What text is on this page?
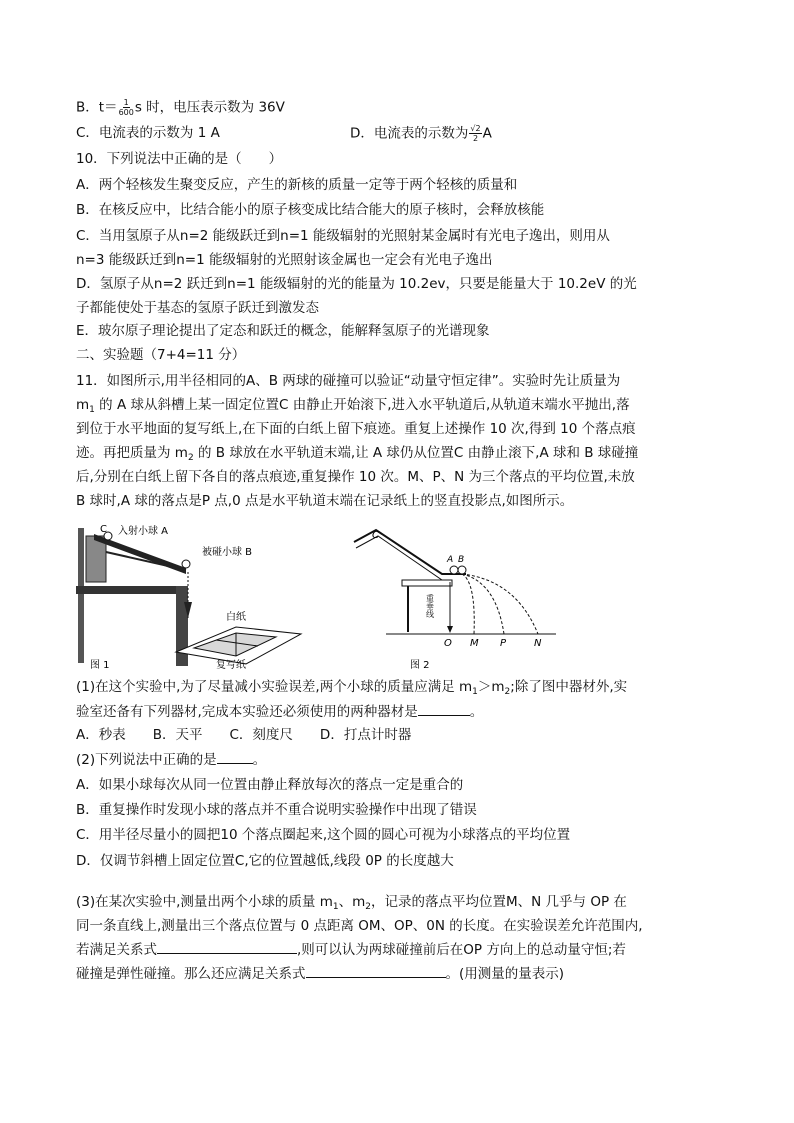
B．$t= \frac{1}{600}$ s 时，电压表示数为 36V
C．电流表的示数为 1 A	D．电流表的示数为 $\frac{√2}{2}$ A
10．下列说法中正确的是（　　）
A．两个轻核发生聚变反应，产生的新核的质量一定等于两个轻核的质量和
B．在核反应中，比结合能小的原子核变成比结合能大的原子核时，会释放核能
C．当用氢原子从n=2 能级跃迁到n=1 能级辐射的光照射某金属时有光电子逸出，则用从
n=3 能级跃迁到n=1 能级辐射的光照射该金属也一定会有光电子逸出
D．氢原子从n=2 跃迁到n=1 能级辐射的光的能量为 10.2ev，只要是能量大于 10.2eV 的光
子都能使处于基态的氢原子跃迁到激发态
E．玻尔原子理论提出了定态和跃迁的概念，能解释氢原子的光谱现象
二、实验题（7+4=11 分）
11．如图所示,用半径相同的A、B 两球的碰撞可以验证“动量守恒定律”。实验时先让质量为
$m_1$ 的 A 球从斜槽上某一固定位置C 由静止开始滚下,进入水平轨道后,从轨道末端水平抛出,落
到位于水平地面的复写纸上,在下面的白纸上留下痕迹。重复上述操作 10 次,得到 10 个落点痕
迹。再把质量为 $m_2$ 的 B 球放在水平轨道末端,让 A 球仍从位置C 由静止滚下,A 球和 B 球碰撞
后,分别在白纸上留下各自的落点痕迹,重复操作 10 次。M、P、N 为三个落点的平均位置,未放
B 球时,A 球的落点是P 点,0 点是水平轨道末端在记录纸上的竖直投影点,如图所示。
C 入射小球 A
被碰小球 B
白纸
复写纸
图 1
C
A B
重垂线
O M P	N
图 2
(1)在这个实验中,为了尽量减小实验误差,两个小球的质量应满足 $m_1>m_2$;除了图中器材外,实
验室还备有下列器材,完成本实验还必须使用的两种器材是	。
A．秒表　　B．天平　　C．刻度尺　　D．打点计时器
(2)下列说法中正确的是	。
A．如果小球每次从同一位置由静止释放每次的落点一定是重合的
B．重复操作时发现小球的落点并不重合说明实验操作中出现了错误
C．用半径尽量小的圆把10 个落点圈起来,这个圆的圆心可视为小球落点的平均位置
D．仅调节斜槽上固定位置C,它的位置越低,线段 0P 的长度越大
(3)在某次实验中,测量出两个小球的质量 $m_1$、$m_2$，记录的落点平均位置M、N 几乎与 OP 在
同一条直线上,测量出三个落点位置与 0 点距离 OM、OP、0N 的长度。在实验误差允许范围内,
若满足关系式	,则可以认为两球碰撞前后在OP 方向上的总动量守恒;若
碰撞是弹性碰撞。那么还应满足关系式	。(用测量的量表示)
